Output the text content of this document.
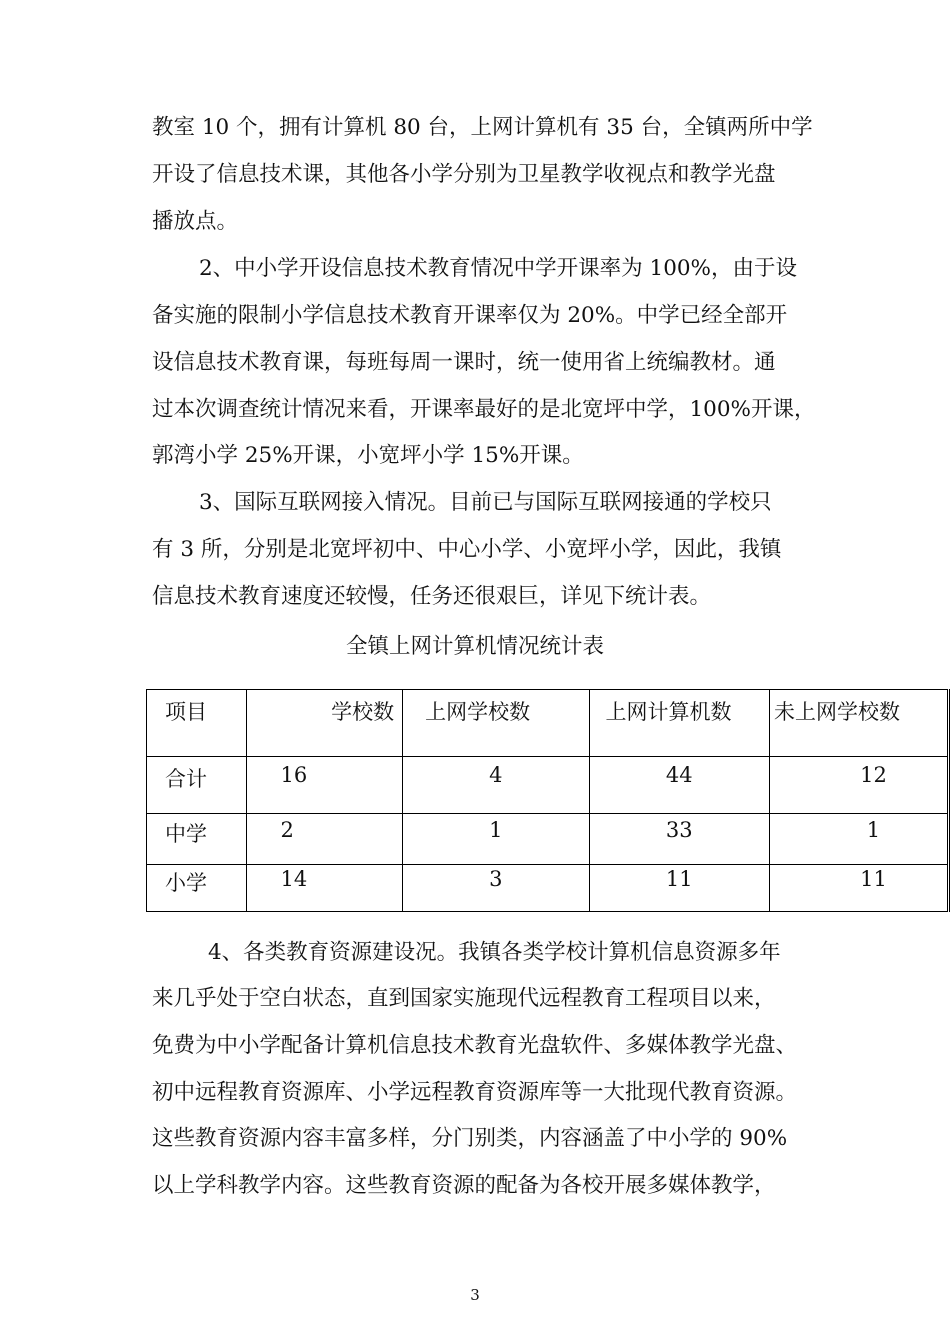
教室 10 个，拥有计算机 80 台，上网计算机有 35 台，全镇两所中学
开设了信息技术课，其他各小学分别为卫星教学收视点和教学光盘
播放点。
2、中小学开设信息技术教育情况中学开课率为 100%，由于设
备实施的限制小学信息技术教育开课率仅为 20%。中学已经全部开
设信息技术教育课，每班每周一课时，统一使用省上统编教材。通
过本次调查统计情况来看，开课率最好的是北宽坪中学，100%开课，
郭湾小学 25%开课，小宽坪小学 15%开课。
3、国际互联网接入情况。目前已与国际互联网接通的学校只
有 3 所，分别是北宽坪初中、中心小学、小宽坪小学，因此，我镇
信息技术教育速度还较慢，任务还很艰巨，详见下统计表。
全镇上网计算机情况统计表
项目	学校数	上网学校数	上网计算机数	未上网学校数
合计	16	4	44	12
中学	2	1	33	1
小学	14	3	11	11
4、各类教育资源建设况。我镇各类学校计算机信息资源多年
来几乎处于空白状态，直到国家实施现代远程教育工程项目以来，
免费为中小学配备计算机信息技术教育光盘软件、多媒体教学光盘、
初中远程教育资源库、小学远程教育资源库等一大批现代教育资源。
这些教育资源内容丰富多样，分门别类，内容涵盖了中小学的 90%
以上学科教学内容。这些教育资源的配备为各校开展多媒体教学，
3
